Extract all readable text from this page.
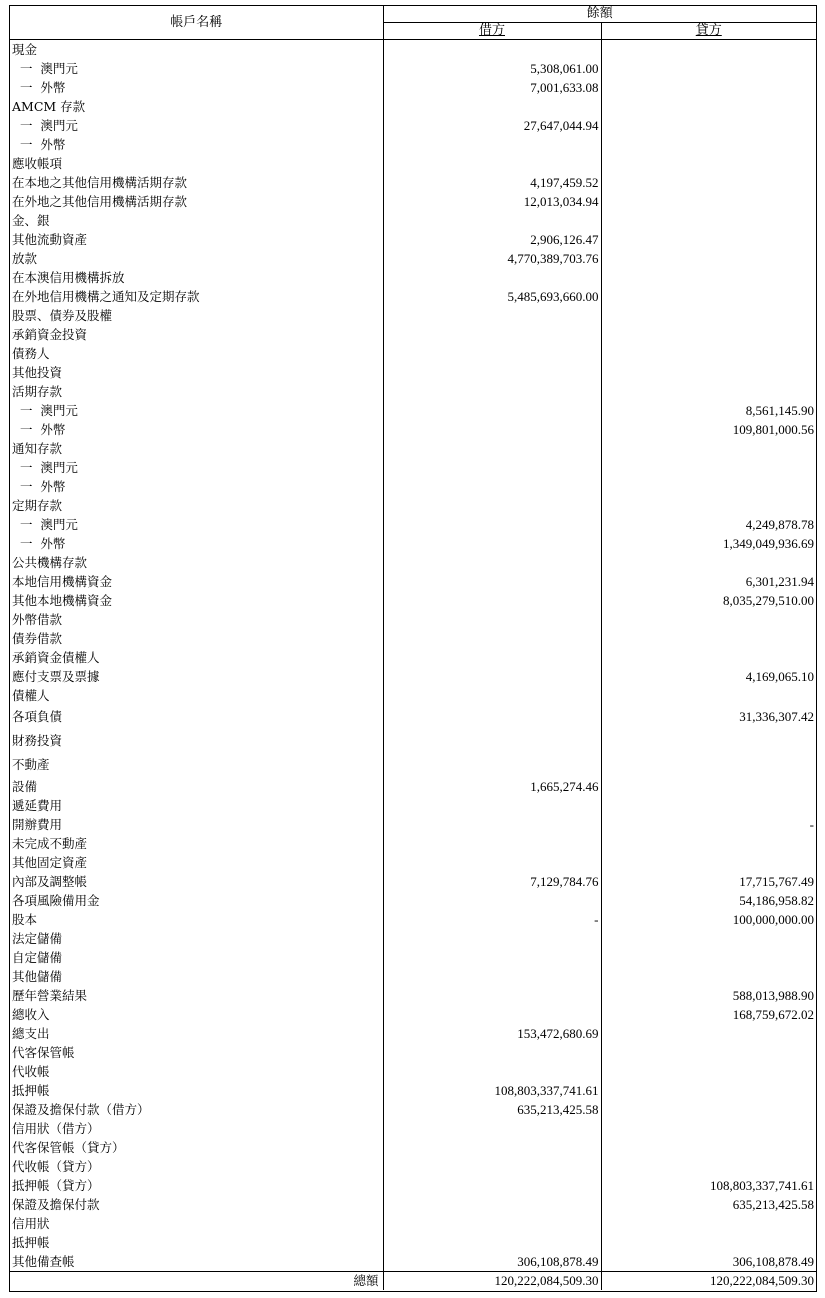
帳戶名稱	餘額	
	借方	貸方
現金		
一  澳門元	5,308,061.00	
一  外幣	7,001,633.08	
AMCM 存款		
一  澳門元	27,647,044.94	
一  外幣		
應收帳項		
在本地之其他信用機構活期存款	4,197,459.52	
在外地之其他信用機構活期存款	12,013,034.94	
金、銀		
其他流動資產	2,906,126.47	
放款	4,770,389,703.76	
在本澳信用機構拆放		
在外地信用機構之通知及定期存款	5,485,693,660.00	
股票、債券及股權		
承銷資金投資		
債務人		
其他投資		
活期存款		
一  澳門元		8,561,145.90
一  外幣		109,801,000.56
通知存款		
一  澳門元		
一  外幣		
定期存款		
一  澳門元		4,249,878.78
一  外幣		1,349,049,936.69
公共機構存款		
本地信用機構資金		6,301,231.94
其他本地機構資金		8,035,279,510.00
外幣借款		
債券借款		
承銷資金債權人		
應付支票及票據		4,169,065.10
債權人		
各項負債		31,336,307.42
財務投資		
不動產		
設備	1,665,274.46	
遞延費用		
開辦費用		-
未完成不動產		
其他固定資產		
內部及調整帳	7,129,784.76	17,715,767.49
各項風險備用金		54,186,958.82
股本	-	100,000,000.00
法定儲備		
自定儲備		
其他儲備		
歷年營業結果		588,013,988.90
總收入		168,759,672.02
總支出	153,472,680.69	
代客保管帳		
代收帳		
抵押帳	108,803,337,741.61	
保證及擔保付款（借方）	635,213,425.58	
信用狀（借方）		
代客保管帳（貸方）		
代收帳（貸方）		
抵押帳（貸方）		108,803,337,741.61
保證及擔保付款		635,213,425.58
信用狀		
抵押帳		
其他備查帳	306,108,878.49	306,108,878.49
總額	120,222,084,509.30	120,222,084,509.30
